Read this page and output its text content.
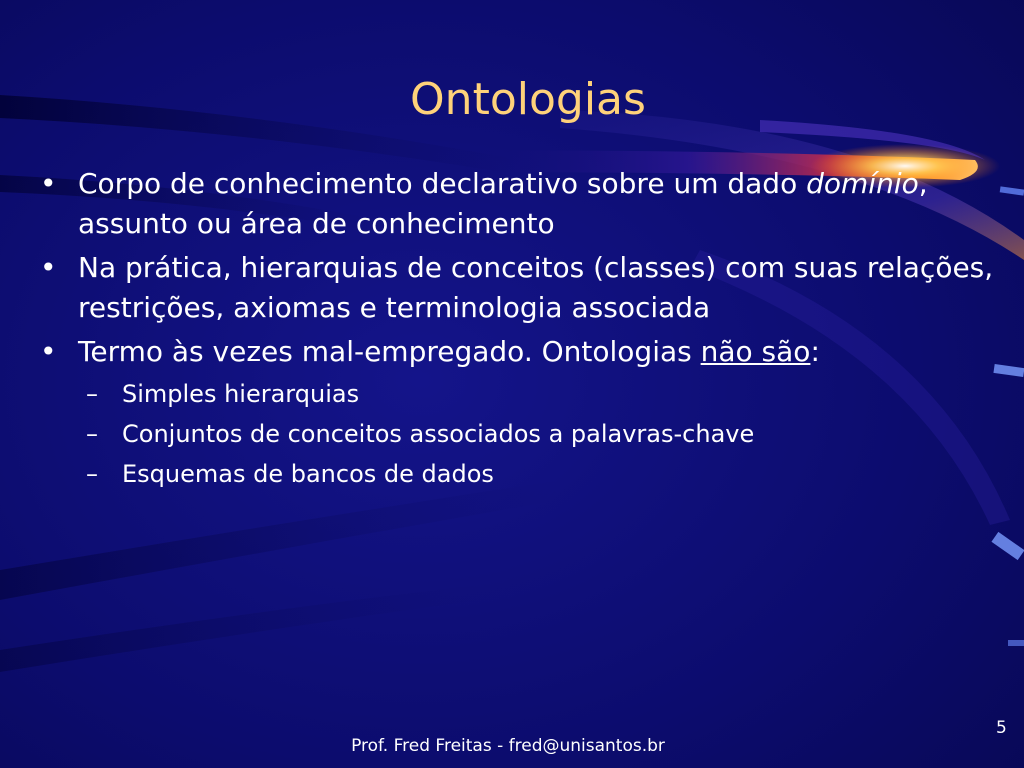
Ontologias
• Corpo de conhecimento declarativo sobre um dado domínio, assunto ou área de conhecimento
• Na prática, hierarquias de conceitos (classes) com suas relações, restrições, axiomas e terminologia associada
• Termo às vezes mal-empregado. Ontologias não são:
– Simples hierarquias
– Conjuntos de conceitos associados a palavras-chave
– Esquemas de bancos de dados
5
Prof. Fred Freitas - fred@unisantos.br
